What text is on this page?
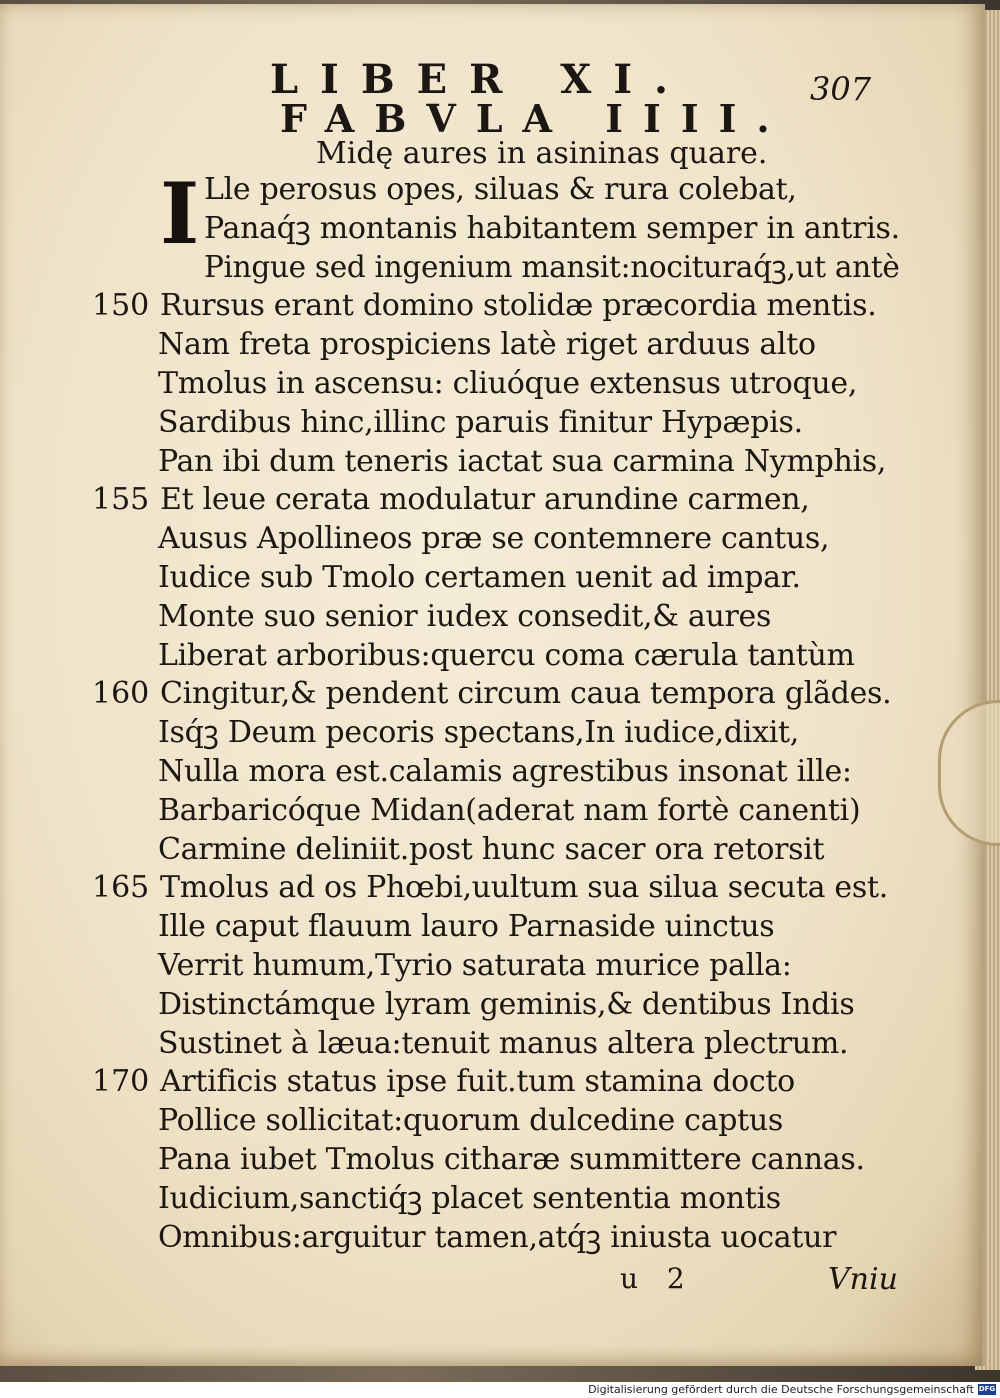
LIBER XI.	307
FABVLA IIII.
Midę aures in asininas quare.
I Lle perosus opes, siluas & rura colebat,
Panaq́ꝫ montanis habitantem semper in antris.
Pingue sed ingenium mansit:nocituraq́ꝫ,ut antè
Rursus erant domino stolidæ præcordia mentis.
150
Nam freta prospiciens latè riget arduus alto
Tmolus in ascensu: cliuóque extensus utroque,
Sardibus hinc,illinc paruis finitur Hypæpis.
Pan ibi dum teneris iactat sua carmina Nymphis,
Et leue cerata modulatur arundine carmen,
155
Ausus Apollineos præ se contemnere cantus,
Iudice sub Tmolo certamen uenit ad impar.
Monte suo senior iudex consedit,& aures
Liberat arboribus:quercu coma cærula tantùm
Cingitur,& pendent circum caua tempora glãdes.
160
Isq́ꝫ Deum pecoris spectans,In iudice,dixit,
Nulla mora est.calamis agrestibus insonat ille:
Barbaricóque Midan(aderat nam fortè canenti)
Carmine deliniit.post hunc sacer ora retorsit
Tmolus ad os Phœbi,uultum sua silua secuta est.
165
Ille caput flauum lauro Parnaside uinctus
Verrit humum,Tyrio saturata murice palla:
Distinctámque lyram geminis,& dentibus Indis
Sustinet à læua:tenuit manus altera plectrum.
Artificis status ipse fuit.tum stamina docto
170
Pollice sollicitat:quorum dulcedine captus
Pana iubet Tmolus citharæ summittere cannas.
Iudicium,sanctiq́ꝫ placet sententia montis
Omnibus:arguitur tamen,atq́ꝫ iniusta uocatur
u 2	Vniu
Digitalisierung gefördert durch die Deutsche Forschungsgemeinschaft DFG
